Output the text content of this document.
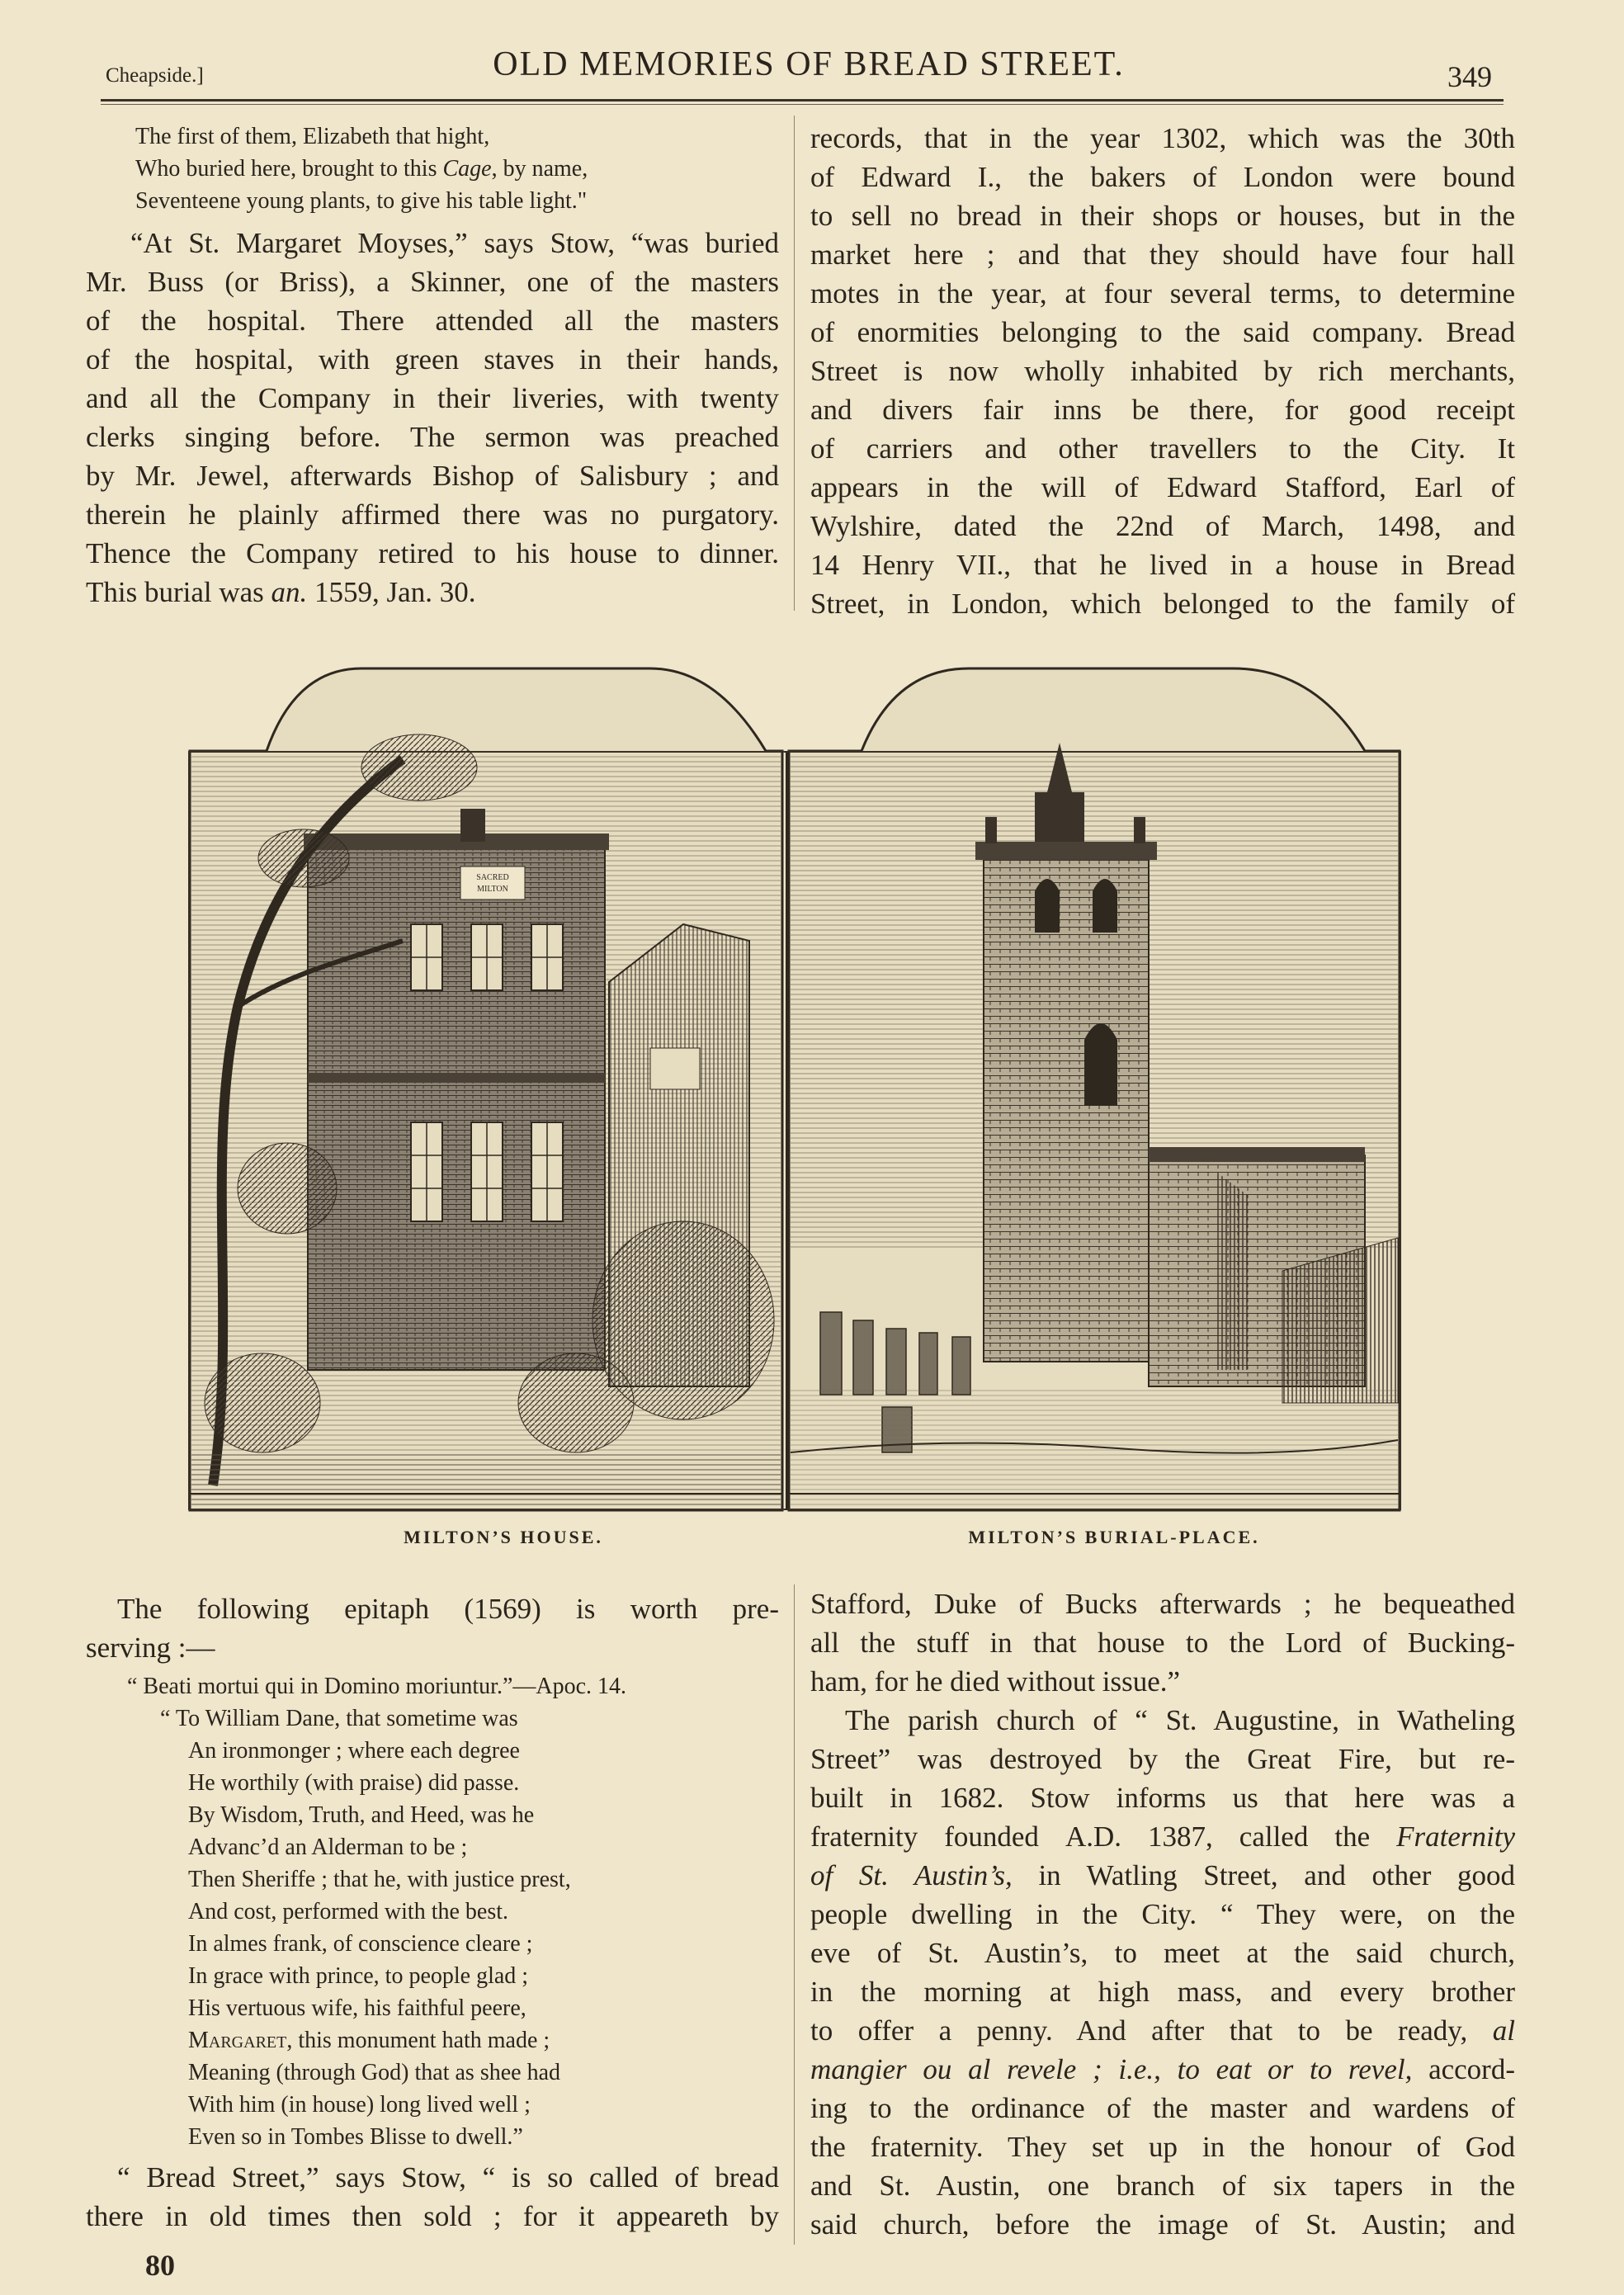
Cheapside.]	OLD MEMORIES OF BREAD STREET.	349
The first of them, Elizabeth that hight,
Who buried here, brought to this Cage, by name,
Seventeene young plants, to give his table light."
“At St. Margaret Moyses,” says Stow, “was buried
Mr. Buss (or Briss), a Skinner, one of the masters
of the hospital. There attended all the masters
of the hospital, with green staves in their hands,
and all the Company in their liveries, with twenty
clerks singing before. The sermon was preached
by Mr. Jewel, afterwards Bishop of Salisbury ; and
therein he plainly affirmed there was no purgatory.
Thence the Company retired to his house to dinner.
This burial was an. 1559, Jan. 30.
records, that in the year 1302, which was the 30th
of Edward I., the bakers of London were bound
to sell no bread in their shops or houses, but in the
market here ; and that they should have four hall
motes in the year, at four several terms, to determine
of enormities belonging to the said company. Bread
Street is now wholly inhabited by rich merchants,
and divers fair inns be there, for good receipt
of carriers and other travellers to the City. It
appears in the will of Edward Stafford, Earl of
Wylshire, dated the 22nd of March, 1498, and
14 Henry VII., that he lived in a house in Bread
Street, in London, which belonged to the family of
SACRED
MILTON
MILTON’S HOUSE.	MILTON’S BURIAL-PLACE.
The following epitaph (1569) is worth pre-
serving :—
“ Beati mortui qui in Domino moriuntur.”—Apoc. 14.
“ To William Dane, that sometime was
An ironmonger ; where each degree
He worthily (with praise) did passe.
By Wisdom, Truth, and Heed, was he
Advanc’d an Alderman to be ;
Then Sheriffe ; that he, with justice prest,
And cost, performed with the best.
In almes frank, of conscience cleare ;
In grace with prince, to people glad ;
His vertuous wife, his faithful peere,
Margaret, this monument hath made ;
Meaning (through God) that as shee had
With him (in house) long lived well ;
Even so in Tombes Blisse to dwell.”
“ Bread Street,” says Stow, “ is so called of bread
there in old times then sold ; for it appeareth by
Stafford, Duke of Bucks afterwards ; he bequeathed
all the stuff in that house to the Lord of Bucking-
ham, for he died without issue.”
The parish church of “ St. Augustine, in Watheling
Street” was destroyed by the Great Fire, but re-
built in 1682. Stow informs us that here was a
fraternity founded A.D. 1387, called the Fraternity
of St. Austin’s, in Watling Street, and other good
people dwelling in the City. “ They were, on the
eve of St. Austin’s, to meet at the said church,
in the morning at high mass, and every brother
to offer a penny. And after that to be ready, al
mangier ou al revele ; i.e., to eat or to revel, accord-
ing to the ordinance of the master and wardens of
the fraternity. They set up in the honour of God
and St. Austin, one branch of six tapers in the
said church, before the image of St. Austin; and
80
